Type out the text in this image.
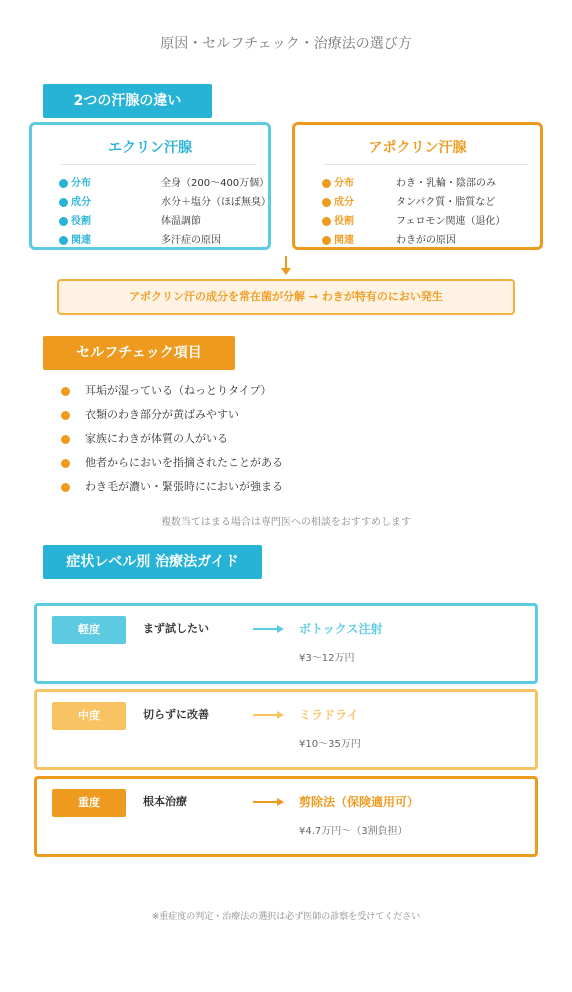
原因・セルフチェック・治療法の選び方
2つの汗腺の違い
エクリン汗腺
分布	全身（200〜400万個）
成分	水分＋塩分（ほぼ無臭）
役割	体温調節
関連	多汗症の原因
アポクリン汗腺
分布	わき・乳輪・陰部のみ
成分	タンパク質・脂質など
役割	フェロモン関連（退化）
関連	わきがの原因
アポクリン汗の成分を常在菌が分解 → わきが特有のにおい発生
セルフチェック項目
耳垢が湿っている（ねっとりタイプ）
衣類のわき部分が黄ばみやすい
家族にわきが体質の人がいる
他者からにおいを指摘されたことがある
わき毛が濃い・緊張時ににおいが強まる
複数当てはまる場合は専門医への相談をおすすめします
症状レベル別 治療法ガイド
軽度	まず試したい	ボトックス注射
¥3〜12万円
中度	切らずに改善	ミラドライ
¥10〜35万円
重度	根本治療	剪除法（保険適用可）
¥4.7万円〜（3割負担）
※重症度の判定・治療法の選択は必ず医師の診察を受けてください
